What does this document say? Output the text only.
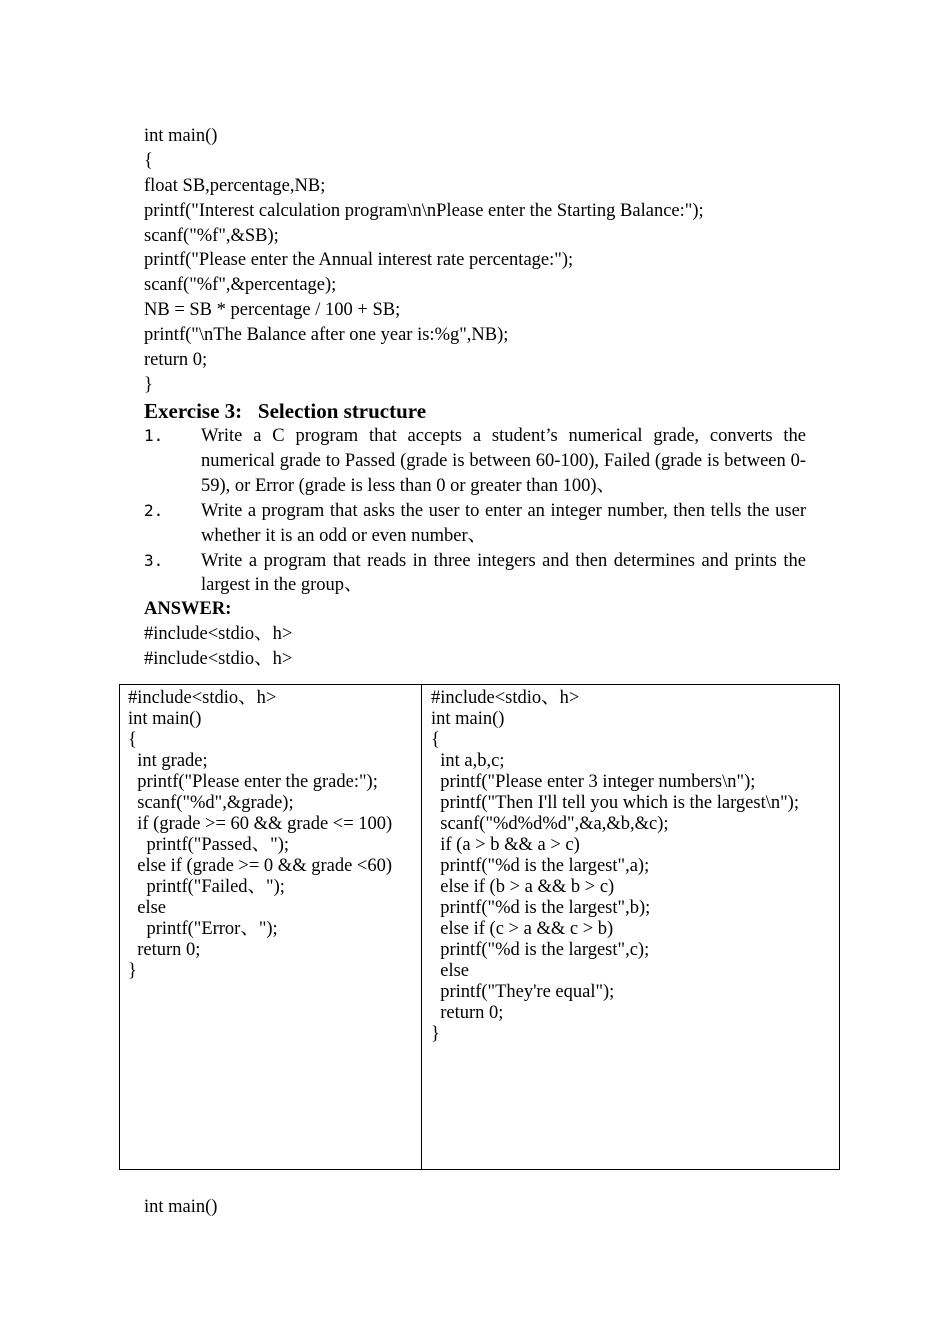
int main()
{
float SB,percentage,NB;
printf("Interest calculation program\n\nPlease enter the Starting Balance:");
scanf("%f",&SB);
printf("Please enter the Annual interest rate percentage:");
scanf("%f",&percentage);
NB = SB * percentage / 100 + SB;
printf("\nThe Balance after one year is:%g",NB);
return 0;
}
Exercise 3:   Selection structure
1.	Write a C program that accepts a student’s numerical grade, converts the numerical grade to Passed (grade is between 60-100), Failed (grade is between 0-59), or Error (grade is less than 0 or greater than 100)、
2.	Write a program that asks the user to enter an integer number, then tells the user whether it is an odd or even number、
3.	Write a program that reads in three integers and then determines and prints the largest in the group、
ANSWER:
#include<stdio、h>
#include<stdio、h>
#include<stdio、h>
int main()
{
int grade;
printf("Please enter the grade:");
scanf("%d",&grade);
if (grade >= 60 && grade <= 100)
printf("Passed、");
else if (grade >= 0 && grade <60)
printf("Failed、");
else
printf("Error、");
return 0;
}
#include<stdio、h>
int main()
{
int a,b,c;
printf("Please enter 3 integer numbers\n");
printf("Then I'll tell you which is the largest\n");
scanf("%d%d%d",&a,&b,&c);
if (a > b && a > c)
printf("%d is the largest",a);
else if (b > a && b > c)
printf("%d is the largest",b);
else if (c > a && c > b)
printf("%d is the largest",c);
else
printf("They're equal");
return 0;
}
int main()
